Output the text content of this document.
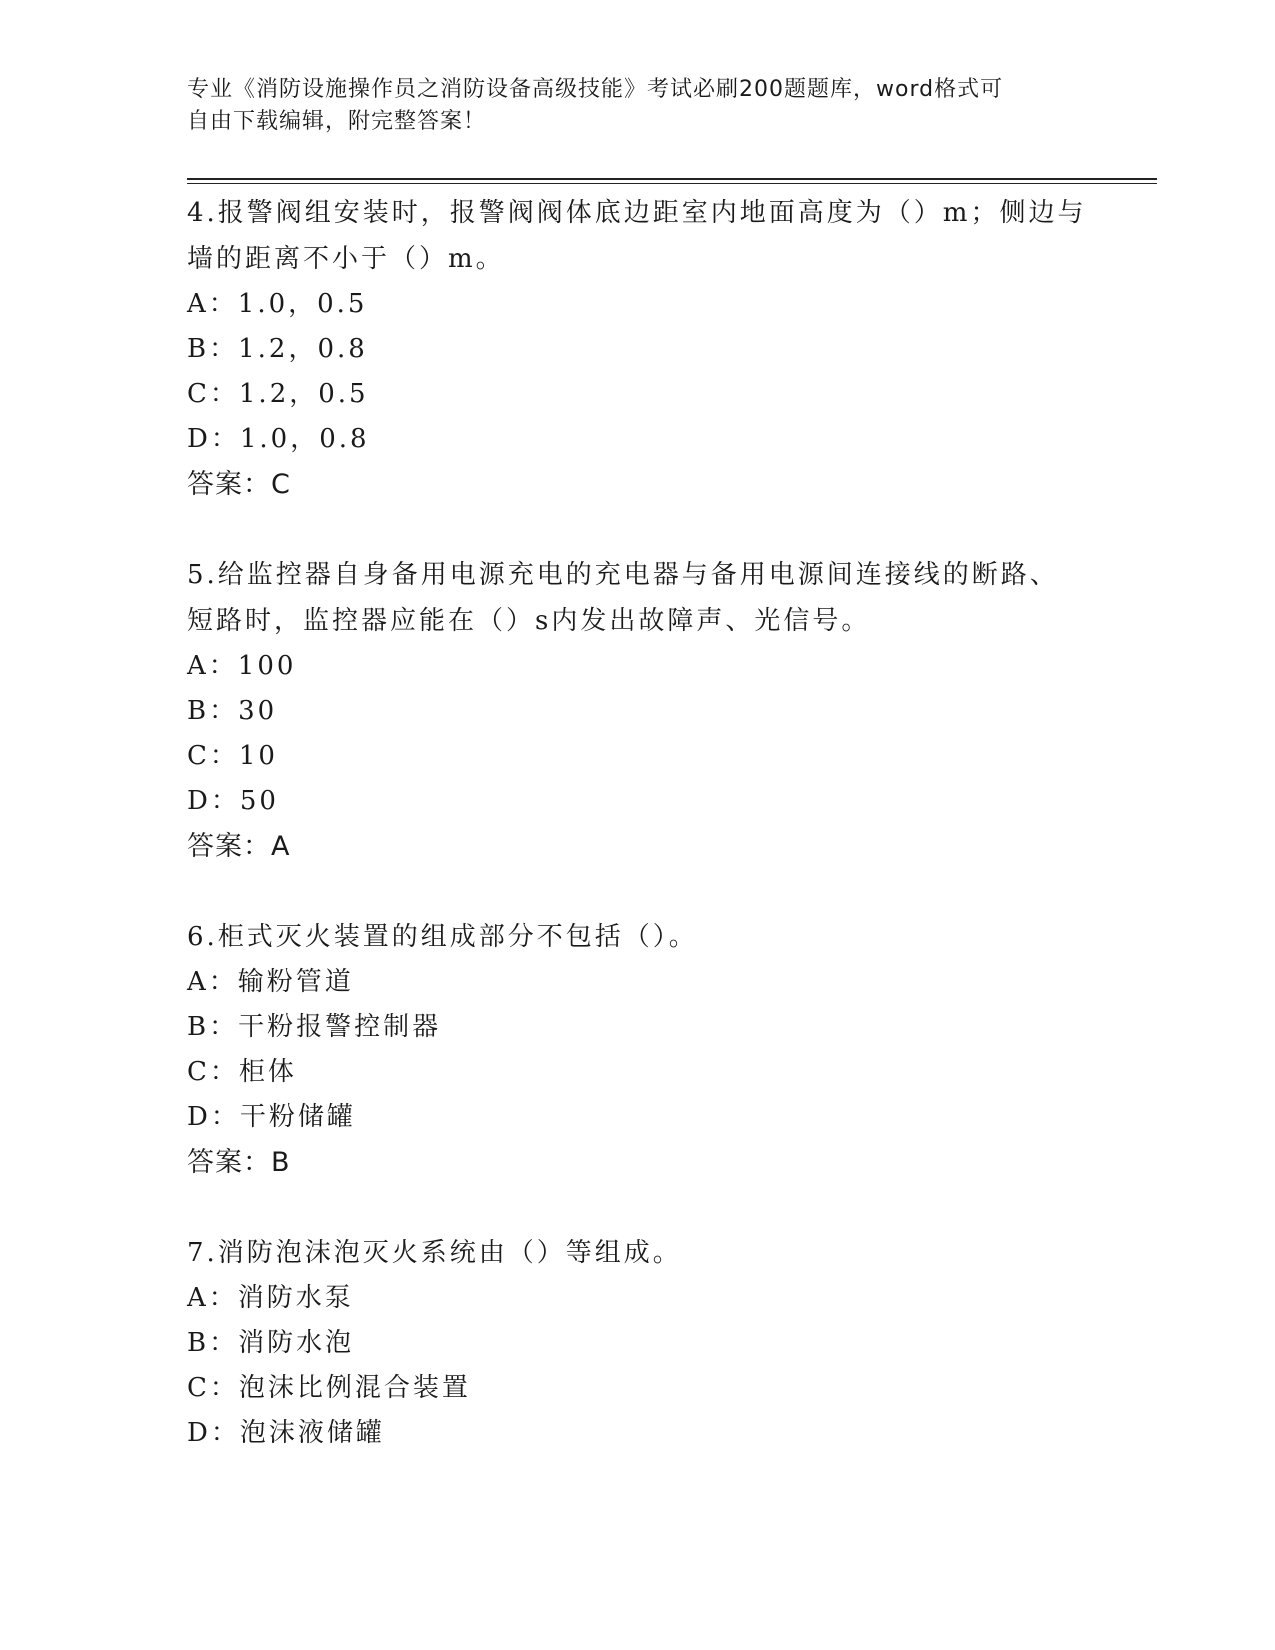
专业《消防设施操作员之消防设备高级技能》考试必刷200题题库，word格式可
自由下载编辑，附完整答案！
4.报警阀组安装时，报警阀阀体底边距室内地面高度为（）m；侧边与
墙的距离不小于（）m。
A：1.0，0.5
B：1.2，0.8
C：1.2，0.5
D：1.0，0.8
答案：C
5.给监控器自身备用电源充电的充电器与备用电源间连接线的断路、
短路时，监控器应能在（）s内发出故障声、光信号。
A：100
B：30
C：10
D：50
答案：A
6.柜式灭火装置的组成部分不包括（）。
A：输粉管道
B：干粉报警控制器
C：柜体
D：干粉储罐
答案：B
7.消防泡沫泡灭火系统由（）等组成。
A：消防水泵
B：消防水泡
C：泡沫比例混合装置
D：泡沫液储罐
